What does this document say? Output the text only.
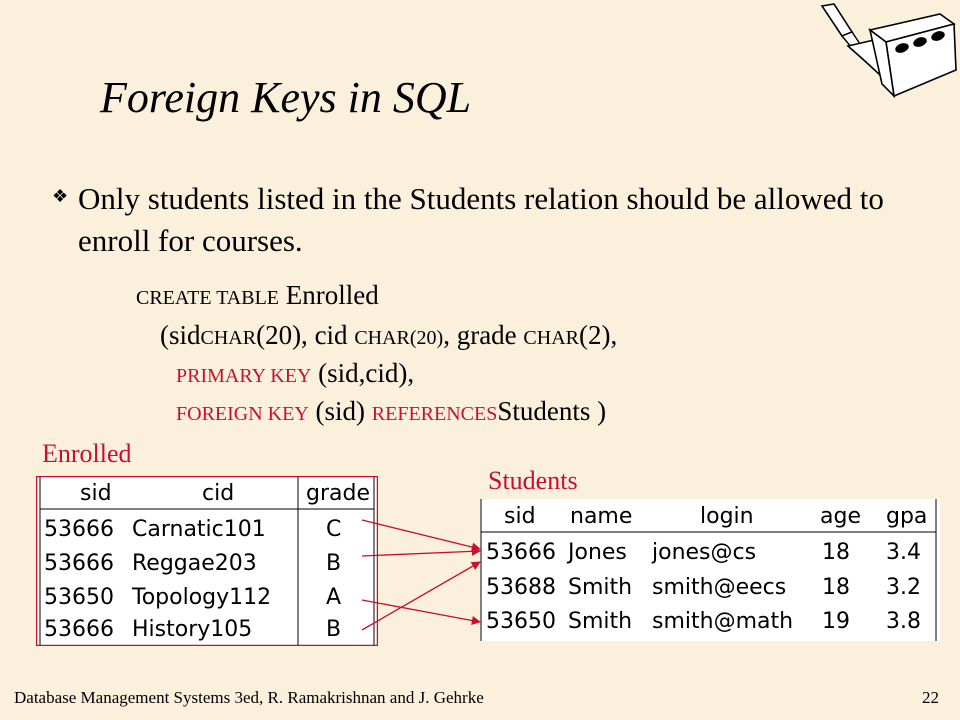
Foreign Keys in SQL
❖ Only students listed in the Students relation should be allowed to enroll for courses.
CREATE TABLE Enrolled
(sidCHAR(20), cid CHAR(20), grade CHAR(2),
PRIMARY KEY (sid,cid),
FOREIGN KEY (sid) REFERENCESStudents )
Enrolled
Students
sid	cid	grade
53666 Carnatic101	C
53666 Reggae203	B
53650 Topology112 A
53666 History105	B
sid name	login	age gpa
53666 Jones jones@cs	18 3.4
53688 Smith smith@eecs 18 3.2
53650 Smith smith@math 19 3.8
Database Management Systems 3ed, R. Ramakrishnan and J. Gehrke	22
